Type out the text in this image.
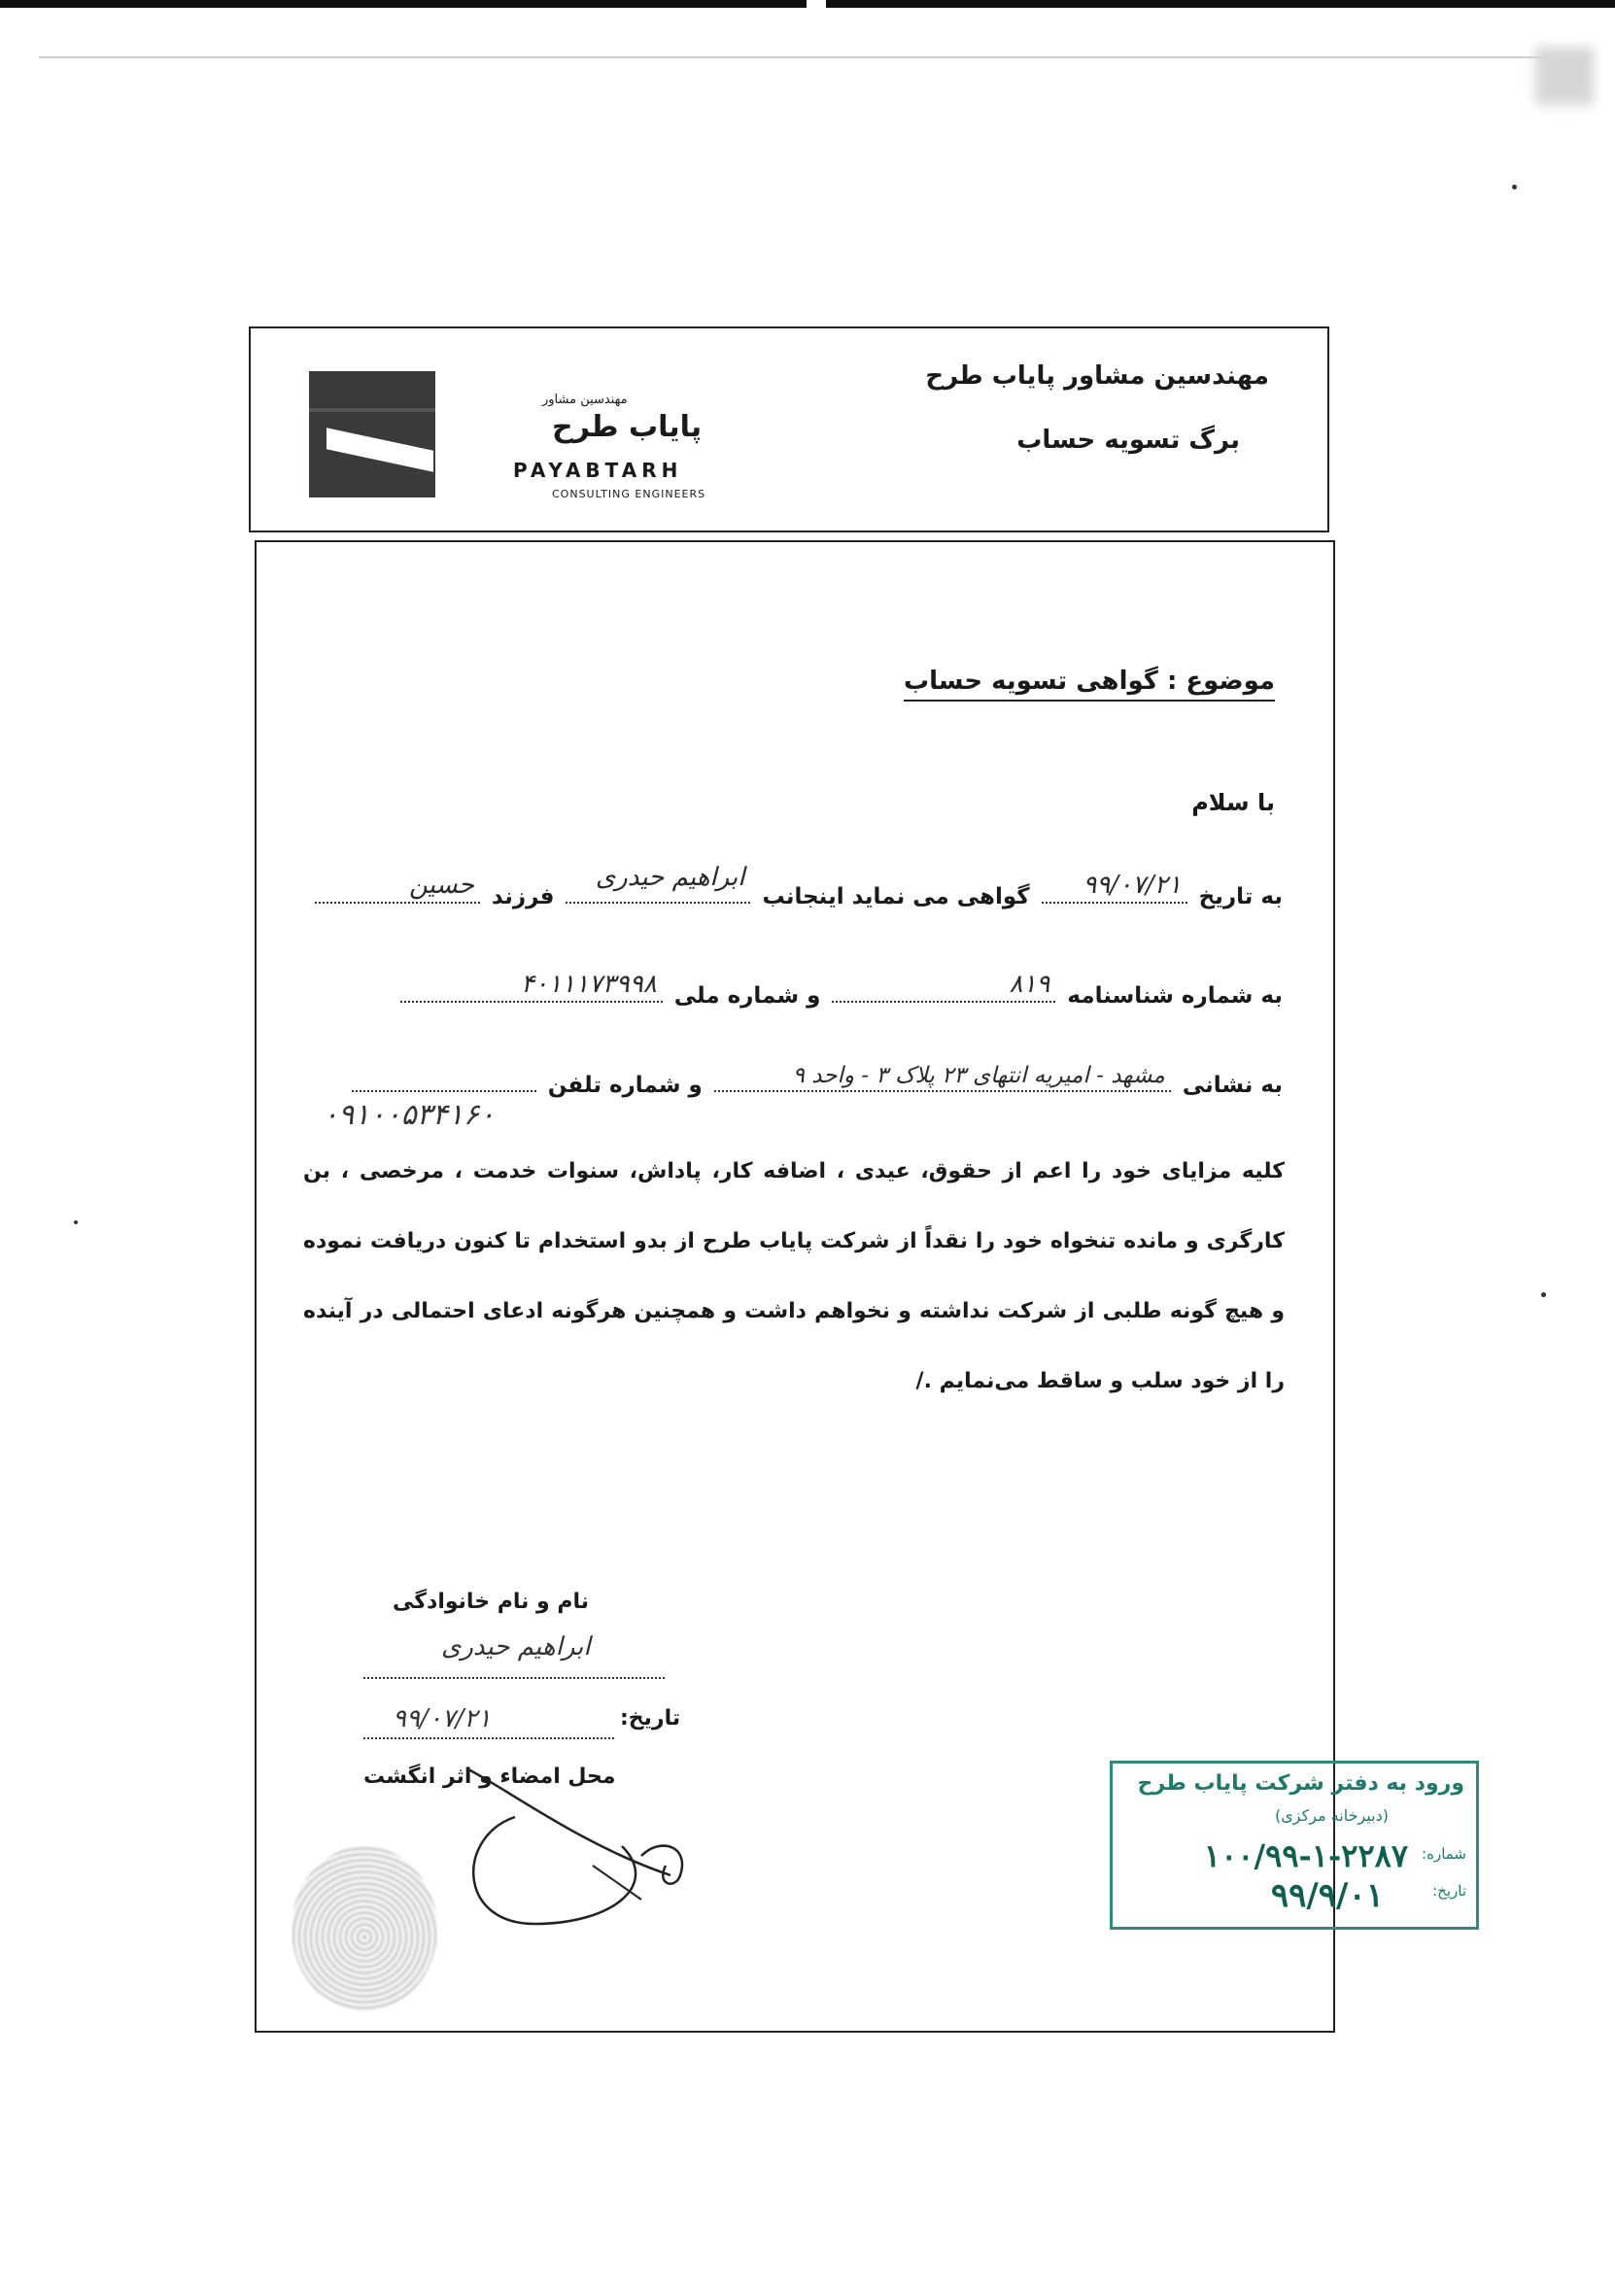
مهندسین مشاور پایاب طرح
برگ تسویه حساب
مهندسین مشاور
پایاب طرح
PAYABTARH
CONSULTING ENGINEERS
موضوع : گواهی تسویه حساب
با سلام
به تاریخ
۹۹/۰۷/۲۱
گواهی می نماید اینجانب
ابراهیم حیدری
فرزند
حسین
به شماره شناسنامه
۸۱۹
و شماره ملی
۴۰۱۱۱۷۳۹۹۸
به نشانی
مشهد - امیریه انتهای ۲۳ پلاک ۳ - واحد ۹
و شماره تلفن
۰۹۱۰۰۵۳۴۱۶۰
کلیه مزایای خود را اعم از حقوق، عیدی ، اضافه کار، پاداش، سنوات خدمت ، مرخصی ، بن کارگری و مانده تنخواه خود را نقداً از شرکت پایاب طرح از بدو استخدام تا کنون دریافت نموده و هیچ گونه طلبی از شرکت نداشته و نخواهم داشت و همچنین هرگونه ادعای احتمالی در آینده را از خود سلب و ساقط می‌نمایم ./
نام و نام خانوادگی
ابراهیم حیدری
تاریخ:
۹۹/۰۷/۲۱
محل امضاء و اثر انگشت	ورود به دفتر شرکت پایاب طرح
(دبیرخانه مرکزی)
شماره:
۱۰۰/۹۹-۱-۲۲۸۷
تاریخ:
۹۹/۹/۰۱
